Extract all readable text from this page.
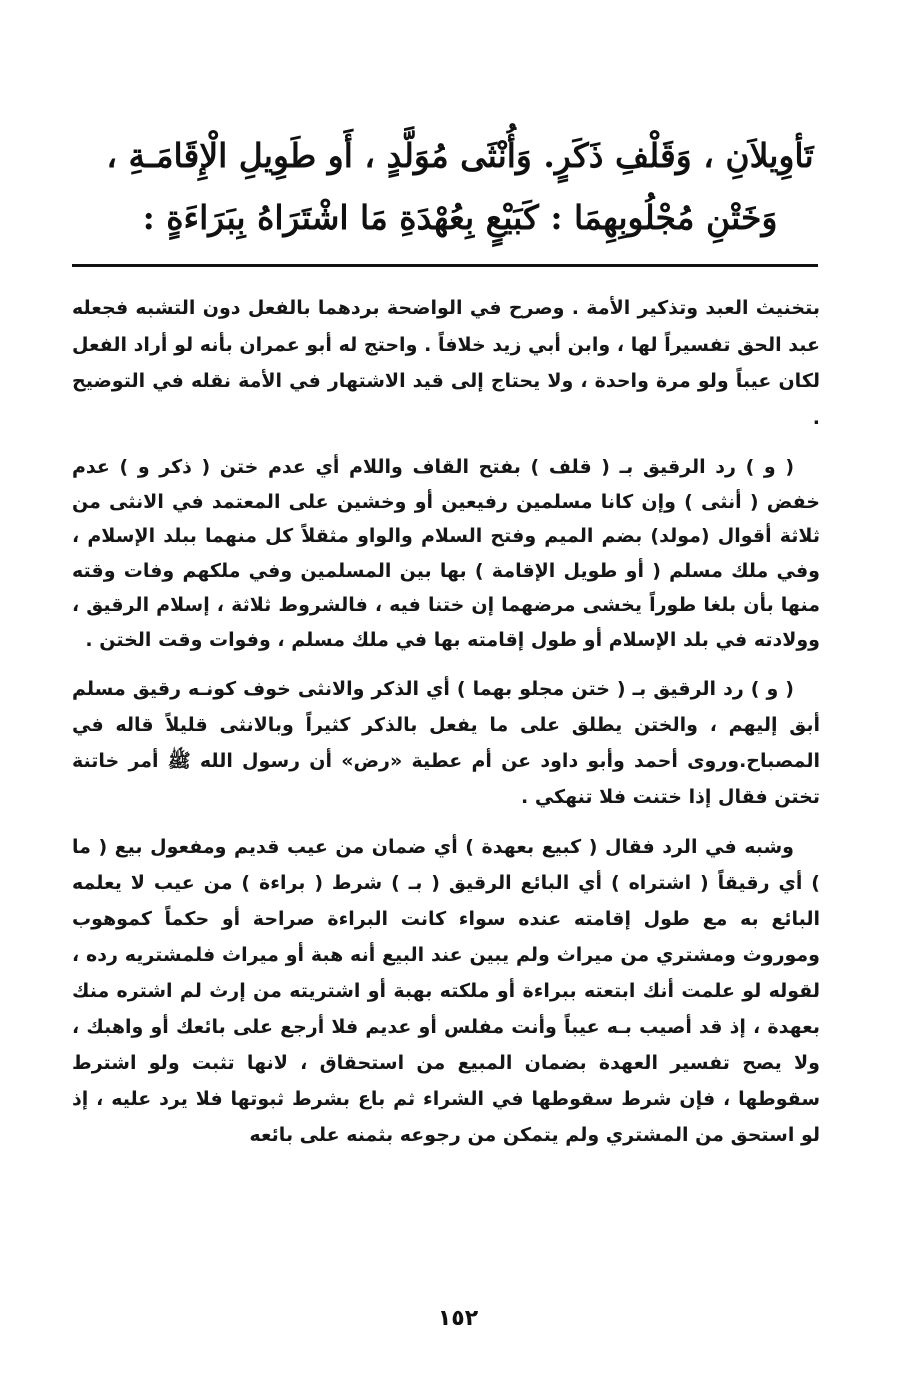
تَأوِيلاَنِ ، وَقَلْفِ ذَكَرٍ. وَأُنْثَى مُوَلَّدٍ ، أَو طَوِيلِ الْإِقَامَـةِ ،
وَخَتْنِ مُجْلُوبِهِمَا : كَبَيْعٍ بِعُهْدَةِ مَا اشْتَرَاهُ بِبَرَاءَةٍ :

بتخنيث العبد وتذكير الأمة . وصرح في الواضحة بردهما بالفعل دون التشبه فجعله عبد الحق تفسيراً لها ، وابن أبي زيد خلافاً . واحتج له أبو عمران بأنه لو أراد الفعل لكان عيباً ولو مرة واحدة ، ولا يحتاج إلى قيد الاشتهار في الأمة نقله في التوضيح .

( و ) رد الرقيق بـ ( قلف ) بفتح القاف واللام أي عدم ختن ( ذكر و ) عدم خفض ( أنثى ) وإن كانا مسلمين رفيعين أو وخشين على المعتمد في الانثى من ثلاثة أقوال (مولد) بضم الميم وفتح السلام والواو مثقلاً كل منهما ببلد الإسلام ، وفي ملك مسلم ( أو طويل الإقامة ) بها بين المسلمين وفي ملكهم وفات وقته منها بأن بلغا طوراً يخشى مرضهما إن ختنا فيه ، فالشروط ثلاثة ، إسلام الرقيق ، وولادته في بلد الإسلام أو طول إقامته بها في ملك مسلم ، وفوات وقت الختن .

( و ) رد الرقيق بـ ( ختن مجلو بهما ) أي الذكر والانثى خوف كونـه رقيق مسلم أبق إليهم ، والختن يطلق على ما يفعل بالذكر كثيراً وبالانثى قليلاً قاله في المصباح.وروى أحمد وأبو داود عن أم عطية «رض» أن رسول الله ﷺ أمر خاتنة تختن فقال إذا ختنت فلا تنهكي .

وشبه في الرد فقال ( كبيع بعهدة ) أي ضمان من عيب قديم ومفعول بيع ( ما ) أي رقيقاً ( اشتراه ) أي البائع الرقيق ( بـ ) شرط ( براءة ) من عيب لا يعلمه البائع به مع طول إقامته عنده سواء كانت البراءة صراحة أو حكماً كموهوب وموروث ومشتري من ميراث ولم يبين عند البيع أنه هبة أو ميراث فلمشتريه رده ، لقوله لو علمت أنك ابتعته ببراءة أو ملكته بهبة أو اشتريته من إرث لم اشتره منك بعهدة ، إذ قد أصيب بـه عيباً وأنت مفلس أو عديم فلا أرجع على بائعك أو واهبك ، ولا يصح تفسير العهدة بضمان المبيع من استحقاق ، لانها تثبت ولو اشترط سقوطها ، فإن شرط سقوطها في الشراء ثم باع بشرط ثبوتها فلا يرد عليه ، إذ لو استحق من المشتري ولم يتمكن من رجوعه بثمنه على بائعه

١٥٢
